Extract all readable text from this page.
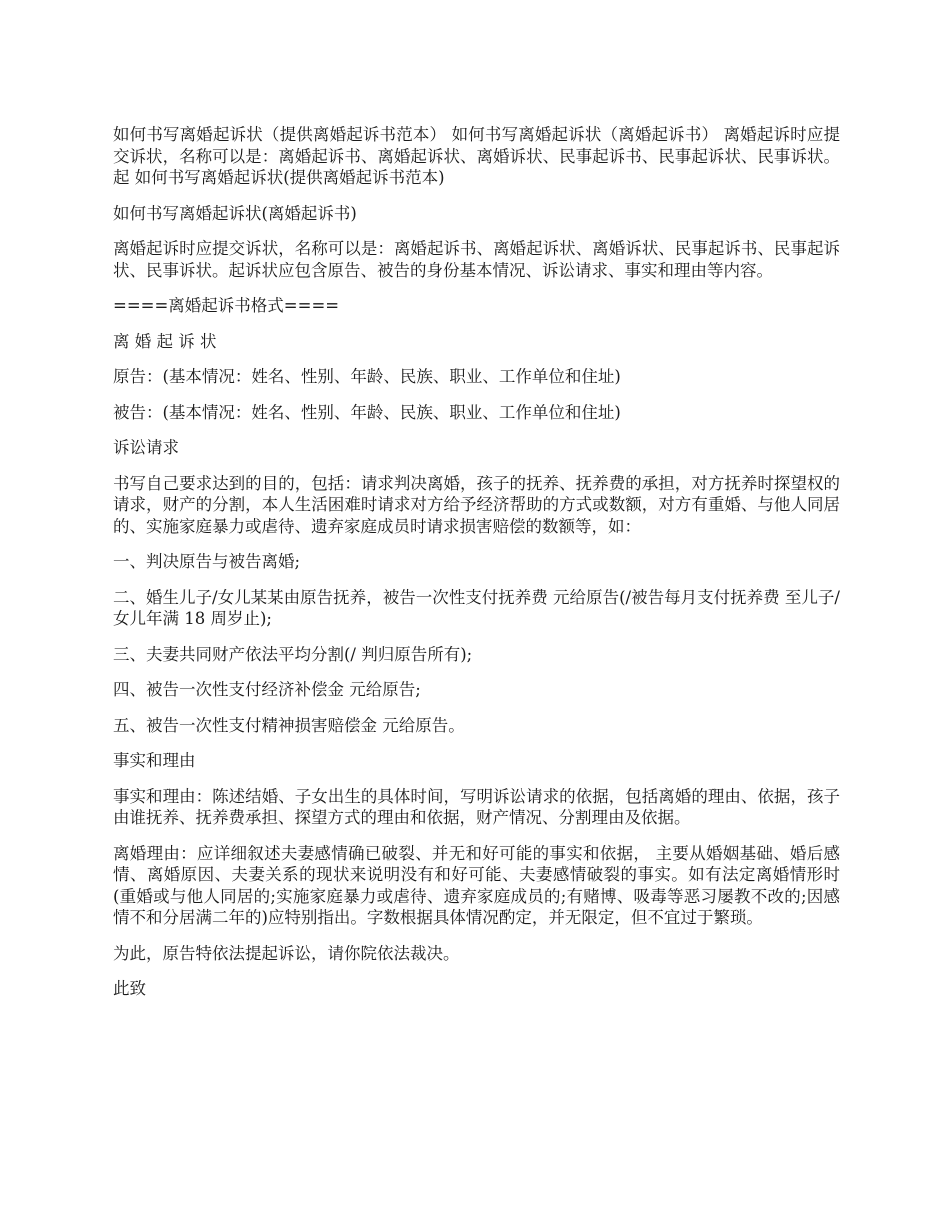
如何书写离婚起诉状（提供离婚起诉书范本） 如何书写离婚起诉状（离婚起诉书） 离婚起诉时应提交诉状，名称可以是：离婚起诉书、离婚起诉状、离婚诉状、民事起诉书、民事起诉状、民事诉状。起 如何书写离婚起诉状(提供离婚起诉书范本)

如何书写离婚起诉状(离婚起诉书)

离婚起诉时应提交诉状，名称可以是：离婚起诉书、离婚起诉状、离婚诉状、民事起诉书、民事起诉状、民事诉状。起诉状应包含原告、被告的身份基本情况、诉讼请求、事实和理由等内容。

====离婚起诉书格式====

离 婚 起 诉 状

原告：(基本情况：姓名、性别、年龄、民族、职业、工作单位和住址)

被告：(基本情况：姓名、性别、年龄、民族、职业、工作单位和住址)

诉讼请求

书写自己要求达到的目的，包括：请求判决离婚，孩子的抚养、抚养费的承担，对方抚养时探望权的请求，财产的分割，本人生活困难时请求对方给予经济帮助的方式或数额，对方有重婚、与他人同居的、实施家庭暴力或虐待、遗弃家庭成员时请求损害赔偿的数额等，如：

一、判决原告与被告离婚;

二、婚生儿子/女儿某某由原告抚养，被告一次性支付抚养费 元给原告(/被告每月支付抚养费 至儿子/女儿年满 18 周岁止);

三、夫妻共同财产依法平均分割(/ 判归原告所有);

四、被告一次性支付经济补偿金 元给原告;

五、被告一次性支付精神损害赔偿金 元给原告。

事实和理由

事实和理由：陈述结婚、子女出生的具体时间，写明诉讼请求的依据，包括离婚的理由、依据，孩子由谁抚养、抚养费承担、探望方式的理由和依据，财产情况、分割理由及依据。

离婚理由：应详细叙述夫妻感情确已破裂、并无和好可能的事实和依据， 主要从婚姻基础、婚后感情、离婚原因、夫妻关系的现状来说明没有和好可能、夫妻感情破裂的事实。如有法定离婚情形时(重婚或与他人同居的;实施家庭暴力或虐待、遗弃家庭成员的;有赌博、吸毒等恶习屡教不改的;因感情不和分居满二年的)应特别指出。字数根据具体情况酌定，并无限定，但不宜过于繁琐。

为此，原告特依法提起诉讼，请你院依法裁决。

此致
